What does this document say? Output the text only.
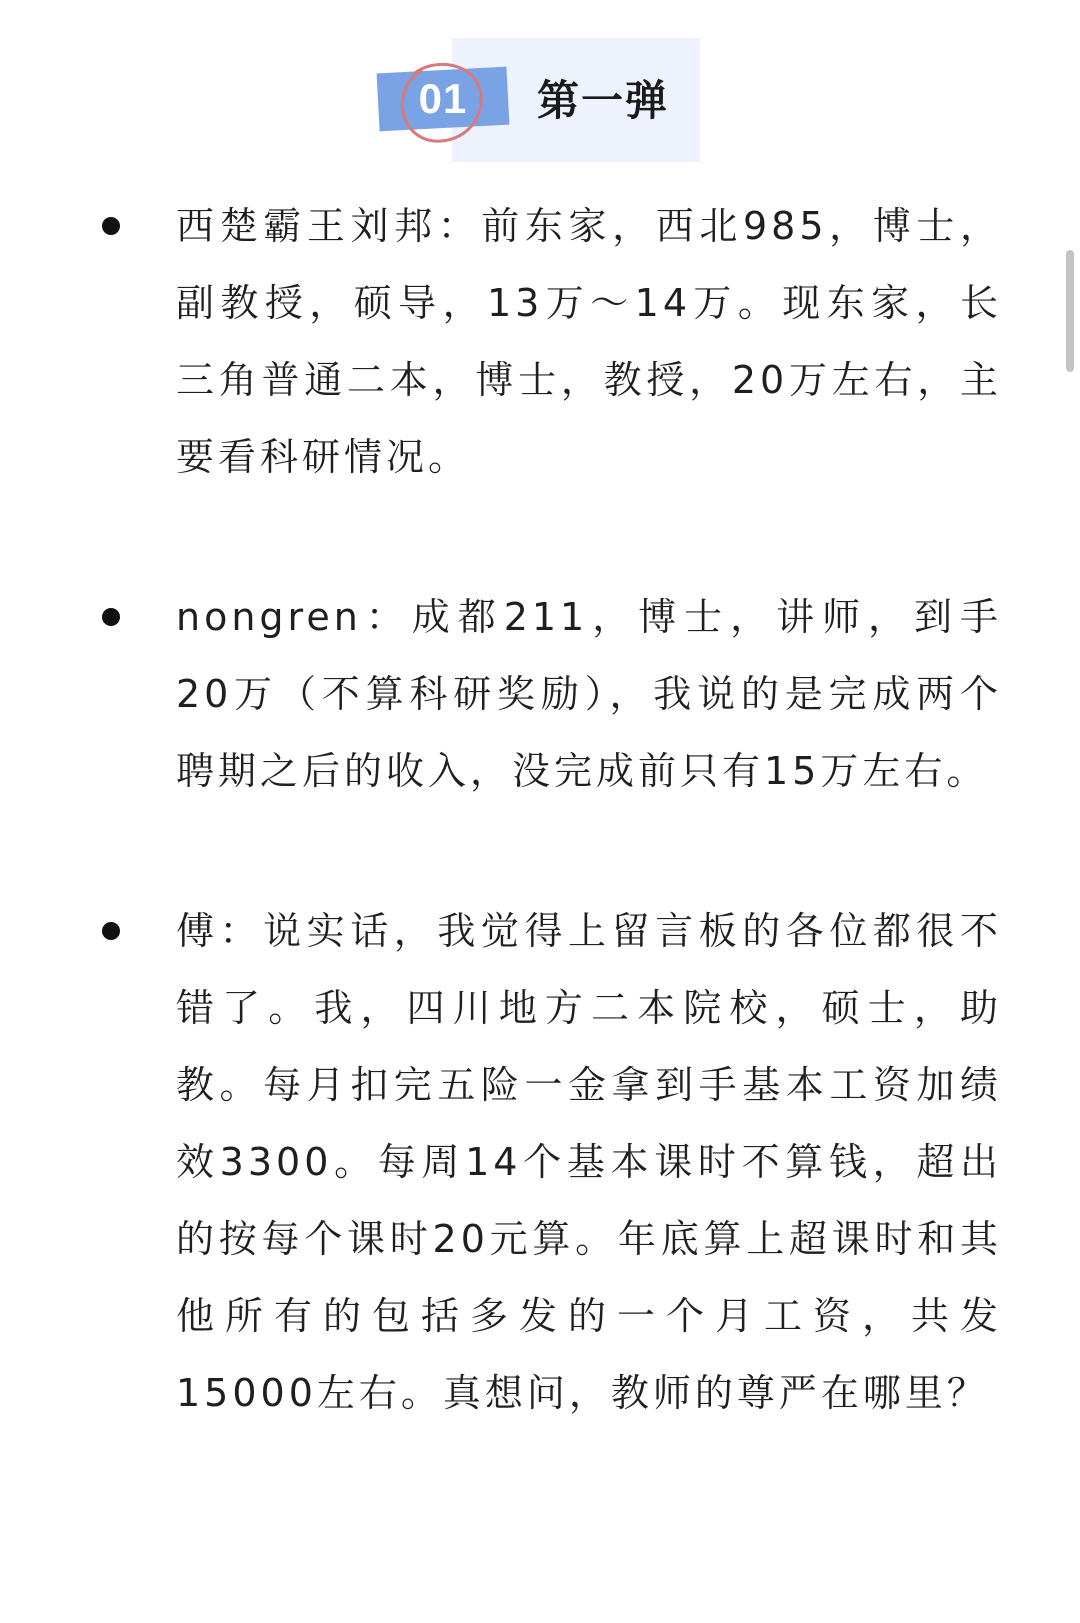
01	第一弹

西楚霸王刘邦：前东家，西北985，博士，副教授，硕导，13万～14万。现东家，长三角普通二本，博士，教授，20万左右，主要看科研情况。

nongren：成都211，博士，讲师，到手20万（不算科研奖励），我说的是完成两个聘期之后的收入，没完成前只有15万左右。

傅：说实话，我觉得上留言板的各位都很不错了。我，四川地方二本院校，硕士，助教。每月扣完五险一金拿到手基本工资加绩效3300。每周14个基本课时不算钱，超出的按每个课时20元算。年底算上超课时和其他所有的包括多发的一个月工资，共发15000左右。真想问，教师的尊严在哪里？
